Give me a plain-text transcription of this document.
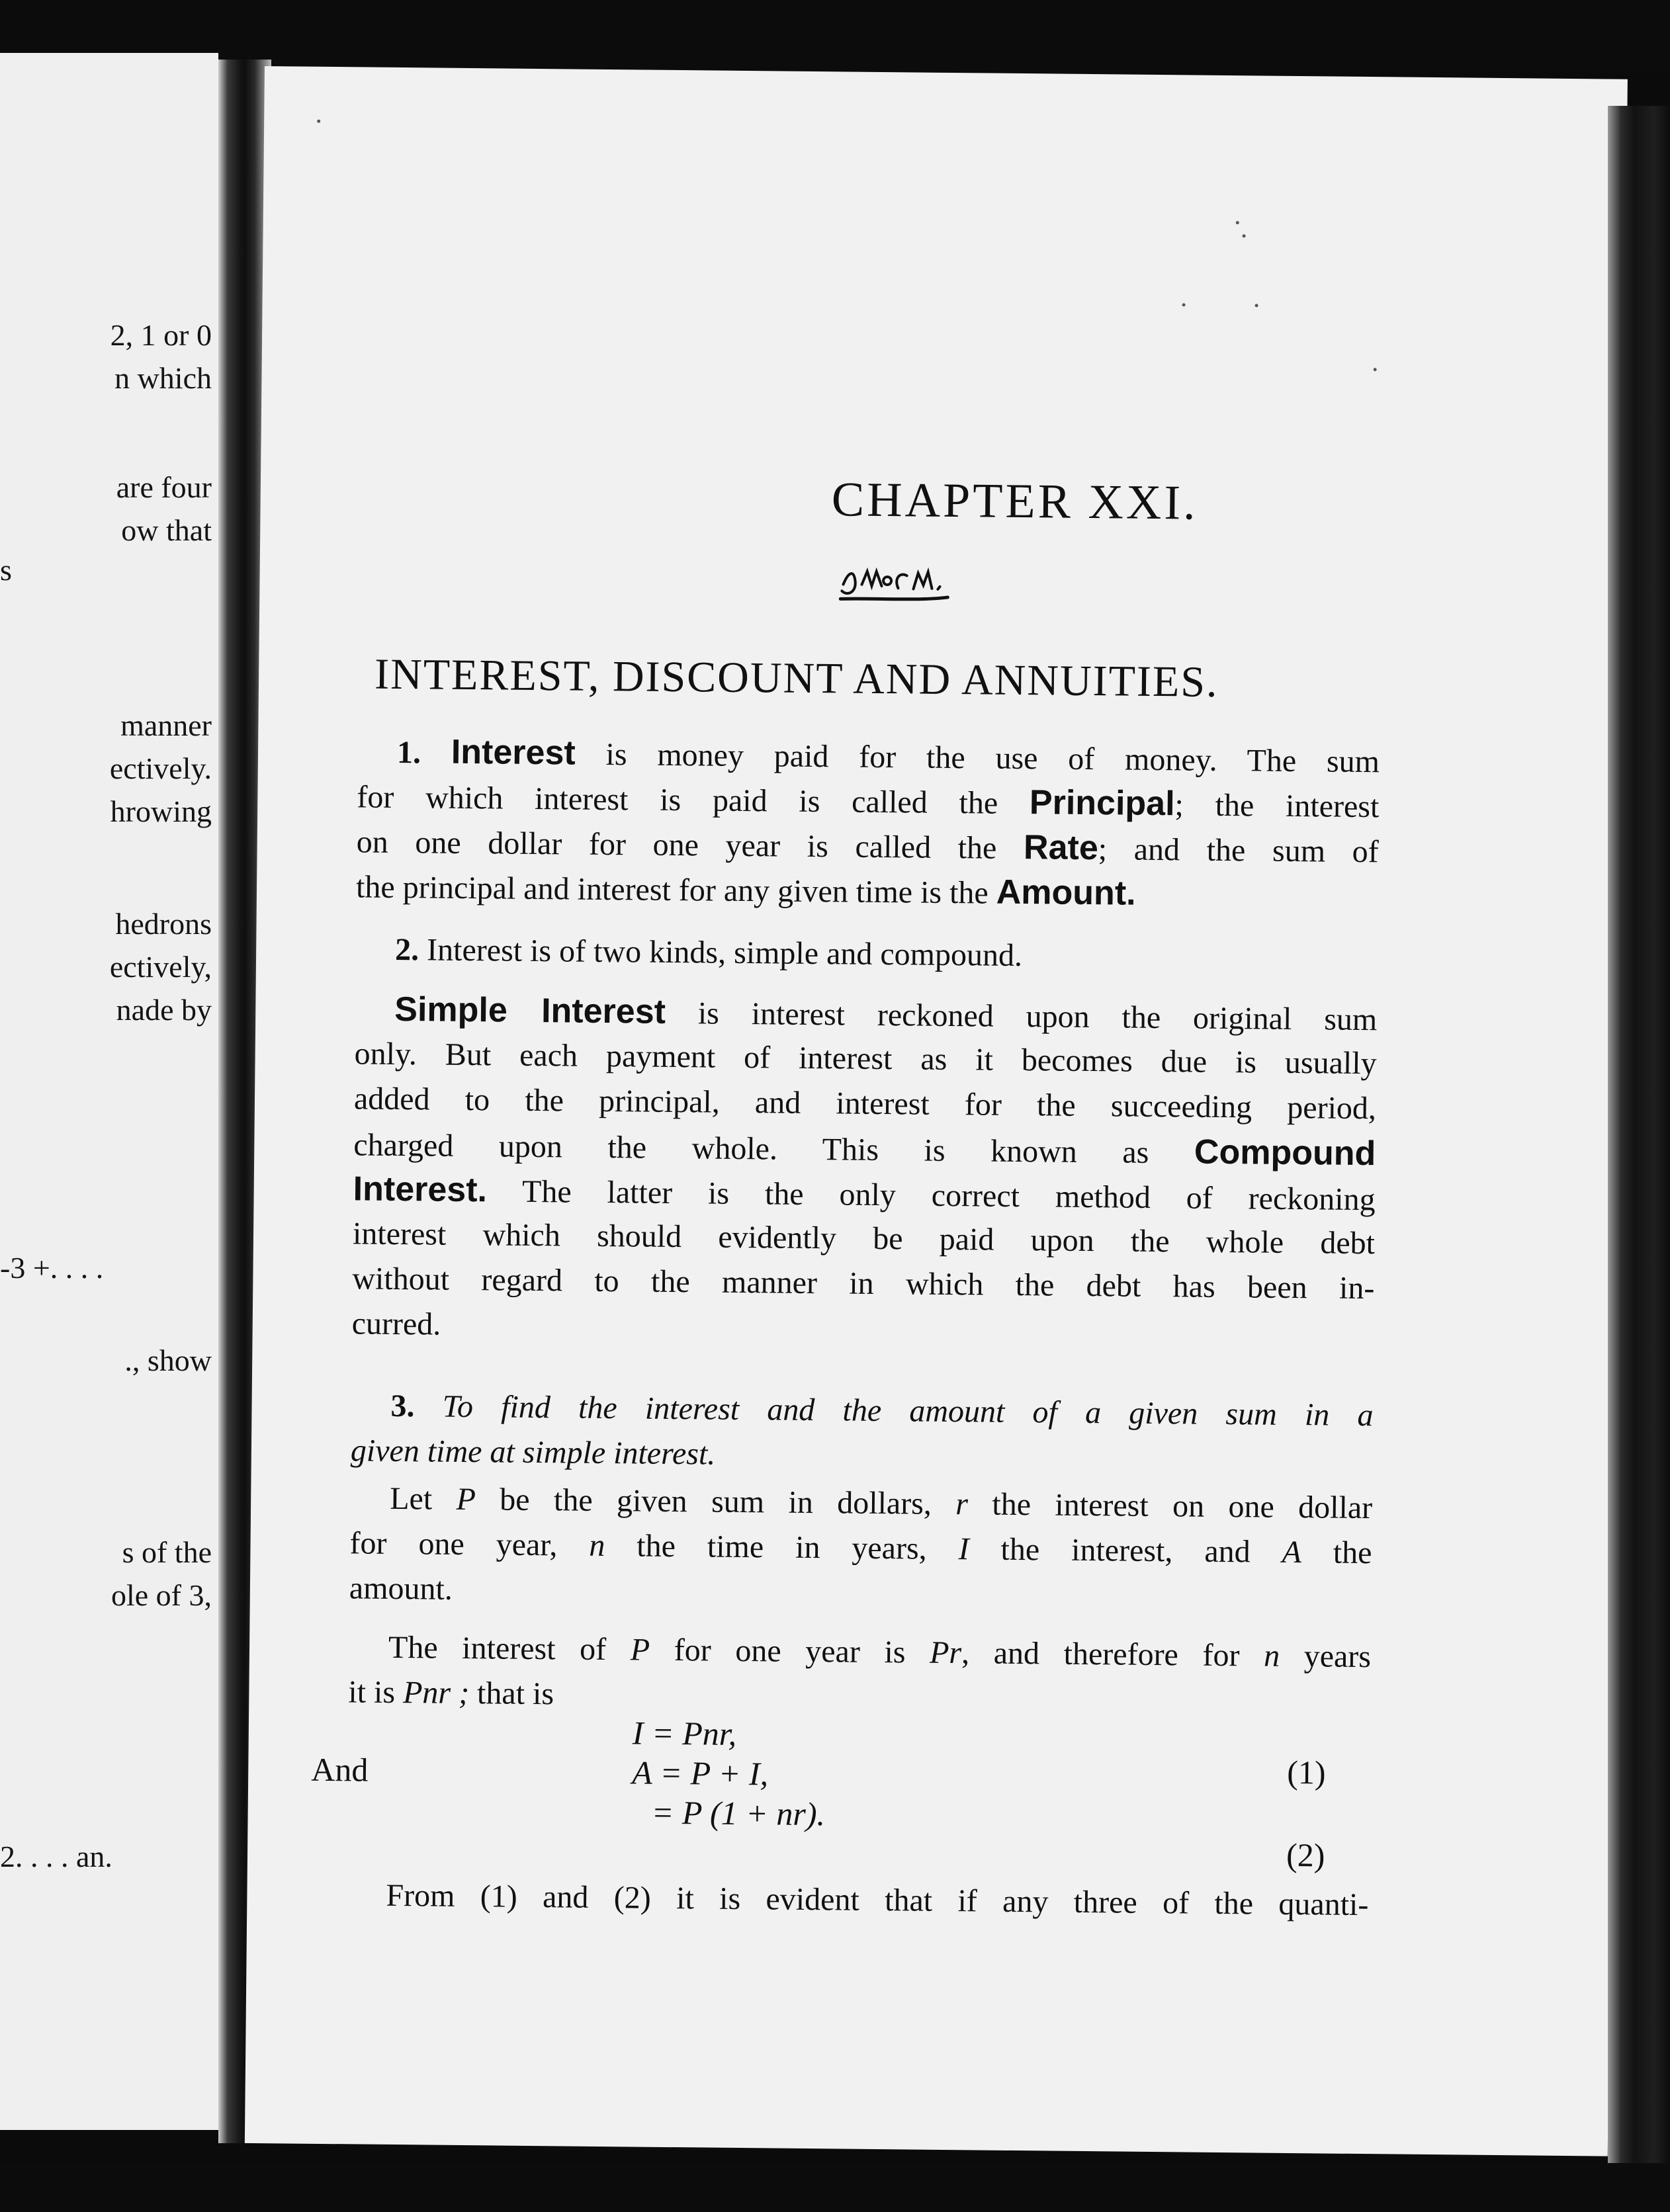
2, 1 or 0
n which
are four
ow that
s
manner
ectively.
hrowing
hedrons
ectively,
nade by
-3 +. . . .
., show
s of the
ole of 3,
2. . . . an.
CHAPTER XXI.
INTEREST, DISCOUNT AND ANNUITIES.
1. Interest is money paid for the use of money. The sum
for which interest is paid is called the Principal; the interest
on one dollar for one year is called the Rate; and the sum of
the principal and interest for any given time is the Amount.
2. Interest is of two kinds, simple and compound.
Simple Interest is interest reckoned upon the original sum
only. But each payment of interest as it becomes due is usually
added to the principal, and interest for the succeeding period,
charged upon the whole. This is known as Compound
Interest. The latter is the only correct method of reckoning
interest which should evidently be paid upon the whole debt
without regard to the manner in which the debt has been in-
curred.
3. To find the interest and the amount of a given sum in a
given time at simple interest.
Let P be the given sum in dollars, r the interest on one dollar
for one year, n the time in years, I the interest, and A the
amount.
The interest of P for one year is Pr, and therefore for n years
it is Pnr ; that is
I = Pnr,
And	A = P + I,	(1)
= P (1 + nr).
(2)
From (1) and (2) it is evident that if any three of the quanti-
